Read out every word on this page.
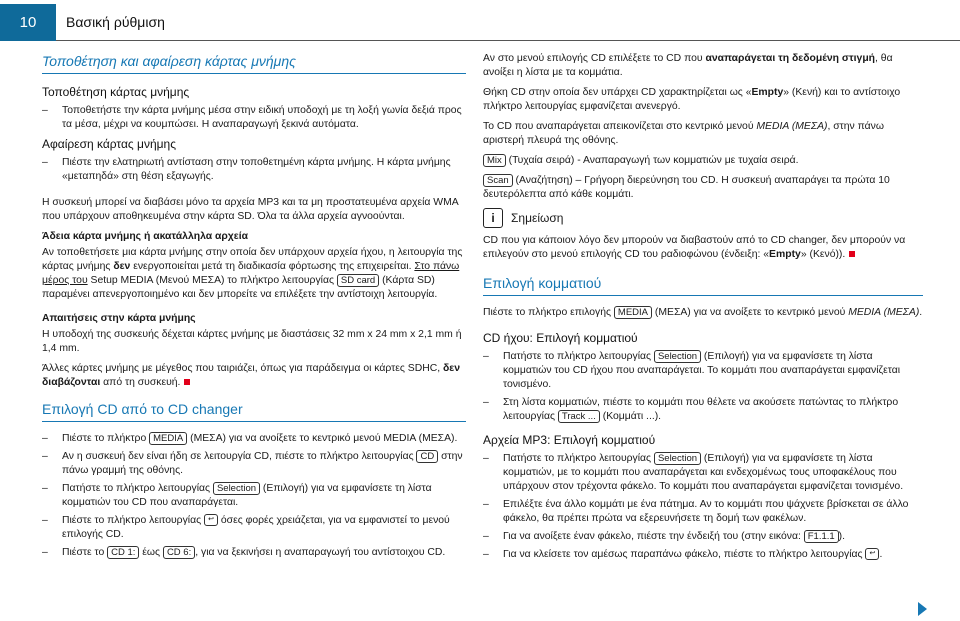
10	Βασική ρύθμιση
Τοποθέτηση και αφαίρεση κάρτας μνήμης
Τοποθέτηση κάρτας μνήμης
– Τοποθετήστε την κάρτα μνήμης μέσα στην ειδική υποδοχή με τη λοξή γωνία δεξιά προς τα μέσα, μέχρι να κουμπώσει. Η αναπαραγωγή ξεκινά αυτόματα.
Αφαίρεση κάρτας μνήμης
– Πιέστε την ελατηριωτή αντίσταση στην τοποθετημένη κάρτα μνήμης. Η κάρτα μνήμης «μεταπηδά» στη θέση εξαγωγής.

Η συσκευή μπορεί να διαβάσει μόνο τα αρχεία MP3 και τα μη προστατευμένα αρχεία WMA που υπάρχουν αποθηκευμένα στην κάρτα SD. Όλα τα άλλα αρχεία αγνοούνται.

Άδεια κάρτα μνήμης ή ακατάλληλα αρχεία

Αν τοποθετήσετε μια κάρτα μνήμης στην οποία δεν υπάρχουν αρχεία ήχου, η λειτουργία της κάρτας μνήμης δεν ενεργοποιείται μετά τη διαδικασία φόρτωσης της επιχειρείται. Στο πάνω μέρος του Setup MEDIA (Μενού ΜΕΣΑ) το πλήκτρο λειτουργίας SD card (Κάρτα SD) παραμένει απενεργοποιημένο και δεν μπορείτε να επιλέξετε την αντίστοιχη λειτουργία.

Απαιτήσεις στην κάρτα μνήμης

Η υποδοχή της συσκευής δέχεται κάρτες μνήμης με διαστάσεις 32 mm x 24 mm x 2,1 mm ή 1,4 mm.

Άλλες κάρτες μνήμης με μέγεθος που ταιριάζει, όπως για παράδειγμα οι κάρτες SDHC, δεν διαβάζονται από τη συσκευή.

Επιλογή CD από το CD changer
– Πιέστε το πλήκτρο MEDIA (ΜΕΣΑ) για να ανοίξετε το κεντρικό μενού MEDIA (ΜΕΣΑ).
– Αν η συσκευή δεν είναι ήδη σε λειτουργία CD, πιέστε το πλήκτρο λειτουργίας CD στην πάνω γραμμή της οθόνης.
– Πατήστε το πλήκτρο λειτουργίας Selection (Επιλογή) για να εμφανίσετε τη λίστα κομματιών του CD που αναπαράγεται.
– Πιέστε το πλήκτρο λειτουργίας ↩ όσες φορές χρειάζεται, για να εμφανιστεί το μενού επιλογής CD.
– Πιέστε το CD 1: έως CD 6: , για να ξεκινήσει η αναπαραγωγή του αντίστοιχου CD.

Αν στο μενού επιλογής CD επιλέξετε το CD που αναπαράγεται τη δεδομένη στιγμή, θα ανοίξει η λίστα με τα κομμάτια.

Θήκη CD στην οποία δεν υπάρχει CD χαρακτηρίζεται ως «Empty» (Κενή) και το αντίστοιχο πλήκτρο λειτουργίας εμφανίζεται ανενεργό.

Το CD που αναπαράγεται απεικονίζεται στο κεντρικό μενού MEDIA (ΜΕΣΑ), στην πάνω αριστερή πλευρά της οθόνης.

Mix (Τυχαία σειρά) - Αναπαραγωγή των κομματιών με τυχαία σειρά.

Scan (Αναζήτηση) – Γρήγορη διερεύνηση του CD. Η συσκευή αναπαράγει τα πρώτα 10 δευτερόλεπτα από κάθε κομμάτι.

i	Σημείωση

CD που για κάποιον λόγο δεν μπορούν να διαβαστούν από το CD changer, δεν μπορούν να επιλεγούν στο μενού επιλογής CD του ραδιοφώνου (ένδειξη: «Empty» (Κενό)).

Επιλογή κομματιού

Πιέστε το πλήκτρο επιλογής MEDIA (ΜΕΣΑ) για να ανοίξετε το κεντρικό μενού MEDIA (ΜΕΣΑ).

CD ήχου: Επιλογή κομματιού
– Πατήστε το πλήκτρο λειτουργίας Selection (Επιλογή) για να εμφανίσετε τη λίστα κομματιών του CD ήχου που αναπαράγεται. Το κομμάτι που αναπαράγεται εμφανίζεται τονισμένο.
– Στη λίστα κομματιών, πιέστε το κομμάτι που θέλετε να ακούσετε πατώντας το πλήκτρο λειτουργίας Track ... (Κομμάτι ...).
Αρχεία MP3: Επιλογή κομματιού
– Πατήστε το πλήκτρο λειτουργίας Selection (Επιλογή) για να εμφανίσετε τη λίστα κομματιών, με το κομμάτι που αναπαράγεται και ενδεχομένως τους υποφακέλους που υπάρχουν στον τρέχοντα φάκελο. Το κομμάτι που αναπαράγεται εμφανίζεται τονισμένο.
– Επιλέξτε ένα άλλο κομμάτι με ένα πάτημα. Αν το κομμάτι που ψάχνετε βρίσκεται σε άλλο φάκελο, θα πρέπει πρώτα να εξερευνήσετε τη δομή των φακέλων.
– Για να ανοίξετε έναν φάκελο, πιέστε την ένδειξή του (στην εικόνα: F1.1.1 ).
– Για να κλείσετε τον αμέσως παραπάνω φάκελο, πιέστε το πλήκτρο λειτουργίας ↩ .
